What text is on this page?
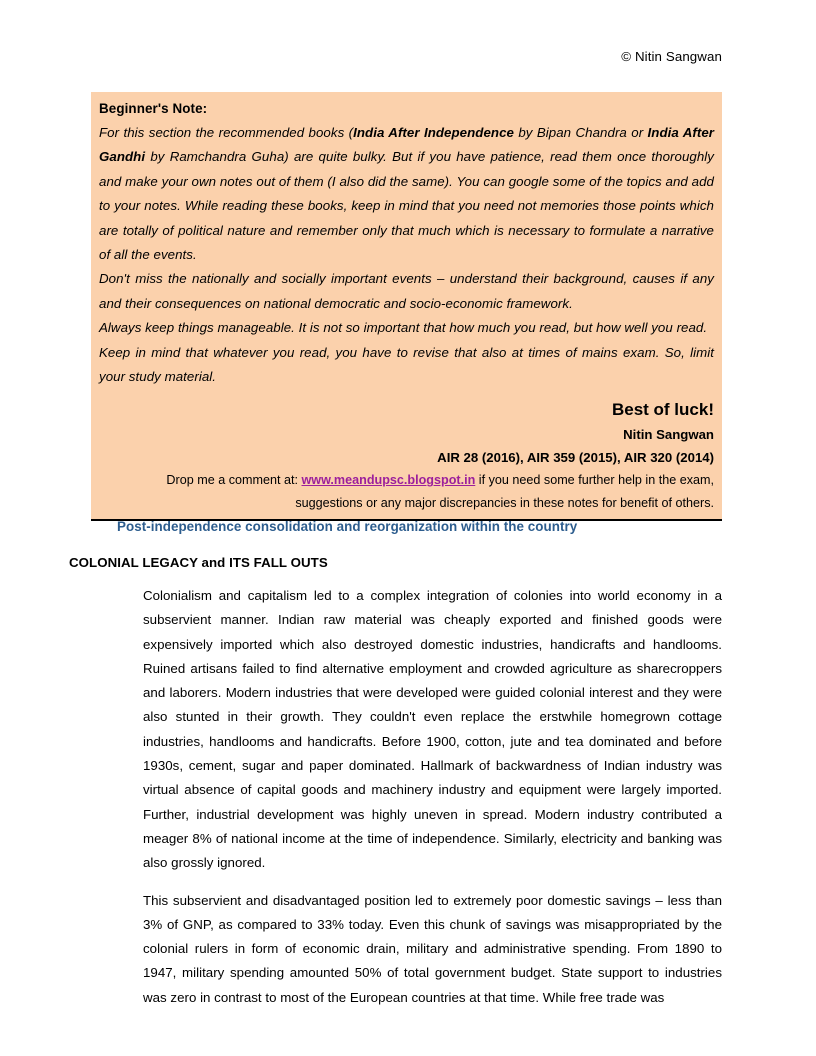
© Nitin Sangwan
Beginner's Note:

For this section the recommended books (India After Independence by Bipan Chandra or India After Gandhi by Ramchandra Guha) are quite bulky. But if you have patience, read them once thoroughly and make your own notes out of them (I also did the same). You can google some of the topics and add to your notes. While reading these books, keep in mind that you need not memories those points which are totally of political nature and remember only that much which is necessary to formulate a narrative of all the events.

Don't miss the nationally and socially important events – understand their background, causes if any and their consequences on national democratic and socio-economic framework.

Always keep things manageable. It is not so important that how much you read, but how well you read.

Keep in mind that whatever you read, you have to revise that also at times of mains exam. So, limit your study material.

Best of luck!

Nitin Sangwan

AIR 28 (2016), AIR 359 (2015), AIR 320 (2014)

Drop me a comment at: www.meandupsc.blogspot.in if you need some further help in the exam, suggestions or any major discrepancies in these notes for benefit of others.

Post-independence consolidation and reorganization within the country
COLONIAL LEGACY and ITS FALL OUTS

Colonialism and capitalism led to a complex integration of colonies into world economy in a subservient manner. Indian raw material was cheaply exported and finished goods were expensively imported which also destroyed domestic industries, handicrafts and handlooms. Ruined artisans failed to find alternative employment and crowded agriculture as sharecroppers and laborers. Modern industries that were developed were guided colonial interest and they were also stunted in their growth. They couldn't even replace the erstwhile homegrown cottage industries, handlooms and handicrafts. Before 1900, cotton, jute and tea dominated and before 1930s, cement, sugar and paper dominated. Hallmark of backwardness of Indian industry was virtual absence of capital goods and machinery industry and equipment were largely imported. Further, industrial development was highly uneven in spread. Modern industry contributed a meager 8% of national income at the time of independence. Similarly, electricity and banking was also grossly ignored.

This subservient and disadvantaged position led to extremely poor domestic savings – less than 3% of GNP, as compared to 33% today. Even this chunk of savings was misappropriated by the colonial rulers in form of economic drain, military and administrative spending. From 1890 to 1947, military spending amounted 50% of total government budget. State support to industries was zero in contrast to most of the European countries at that time. While free trade was
